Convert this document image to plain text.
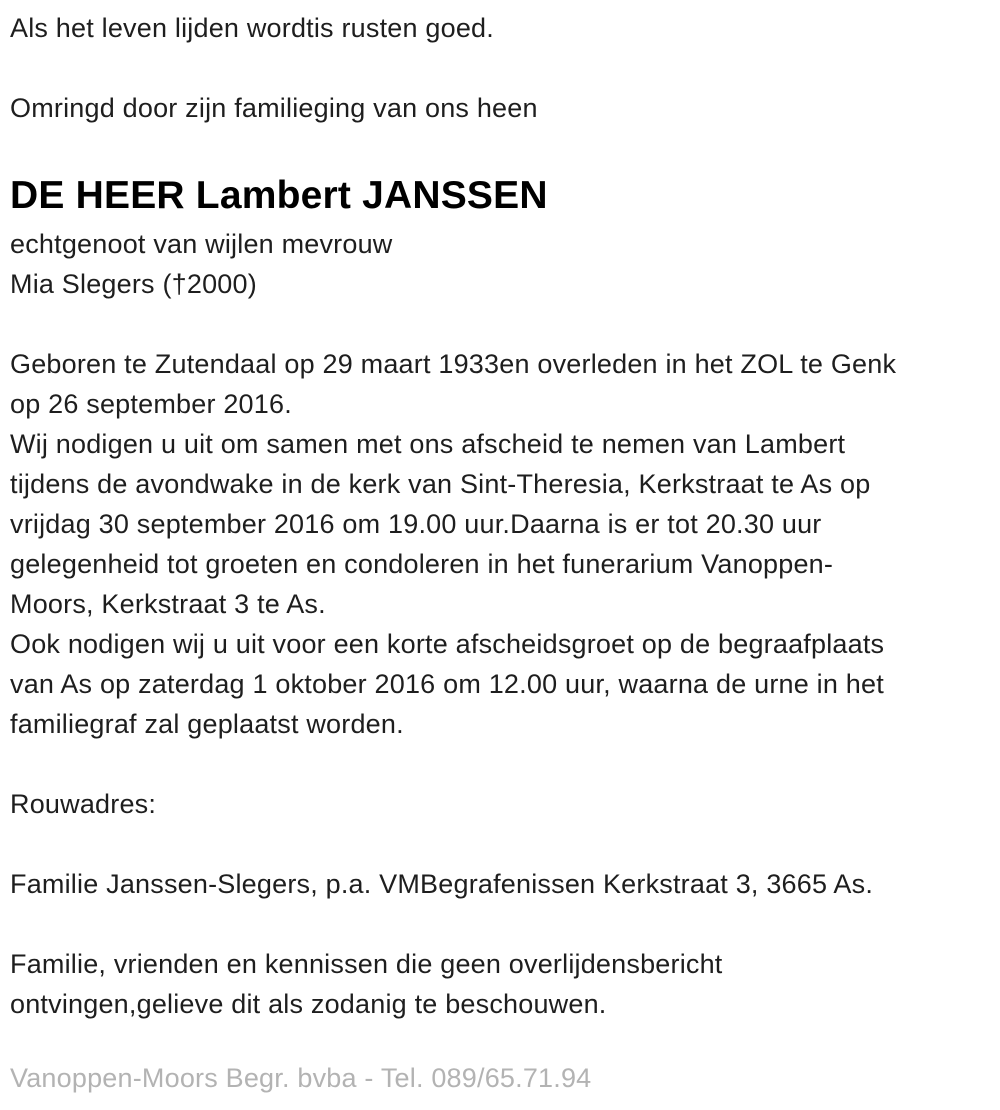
Als het leven lijden wordtis rusten goed.
Omringd door zijn familieging van ons heen
DE HEER Lambert JANSSEN
echtgenoot van wijlen mevrouw
Mia Slegers (†2000)
Geboren te Zutendaal op 29 maart 1933en overleden in het ZOL te Genk
op 26 september 2016.
Wij nodigen u uit om samen met ons afscheid te nemen van Lambert
tijdens de avondwake in de kerk van Sint-Theresia, Kerkstraat te As op
vrijdag 30 september 2016 om 19.00 uur.Daarna is er tot 20.30 uur
gelegenheid tot groeten en condoleren in het funerarium Vanoppen-
Moors, Kerkstraat 3 te As.
Ook nodigen wij u uit voor een korte afscheidsgroet op de begraafplaats
van As op zaterdag 1 oktober 2016 om 12.00 uur, waarna de urne in het
familiegraf zal geplaatst worden.
Rouwadres:
Familie Janssen-Slegers, p.a. VMBegrafenissen Kerkstraat 3, 3665 As.
Familie, vrienden en kennissen die geen overlijdensbericht
ontvingen,gelieve dit als zodanig te beschouwen.
Vanoppen-Moors Begr. bvba - Tel. 089/65.71.94
